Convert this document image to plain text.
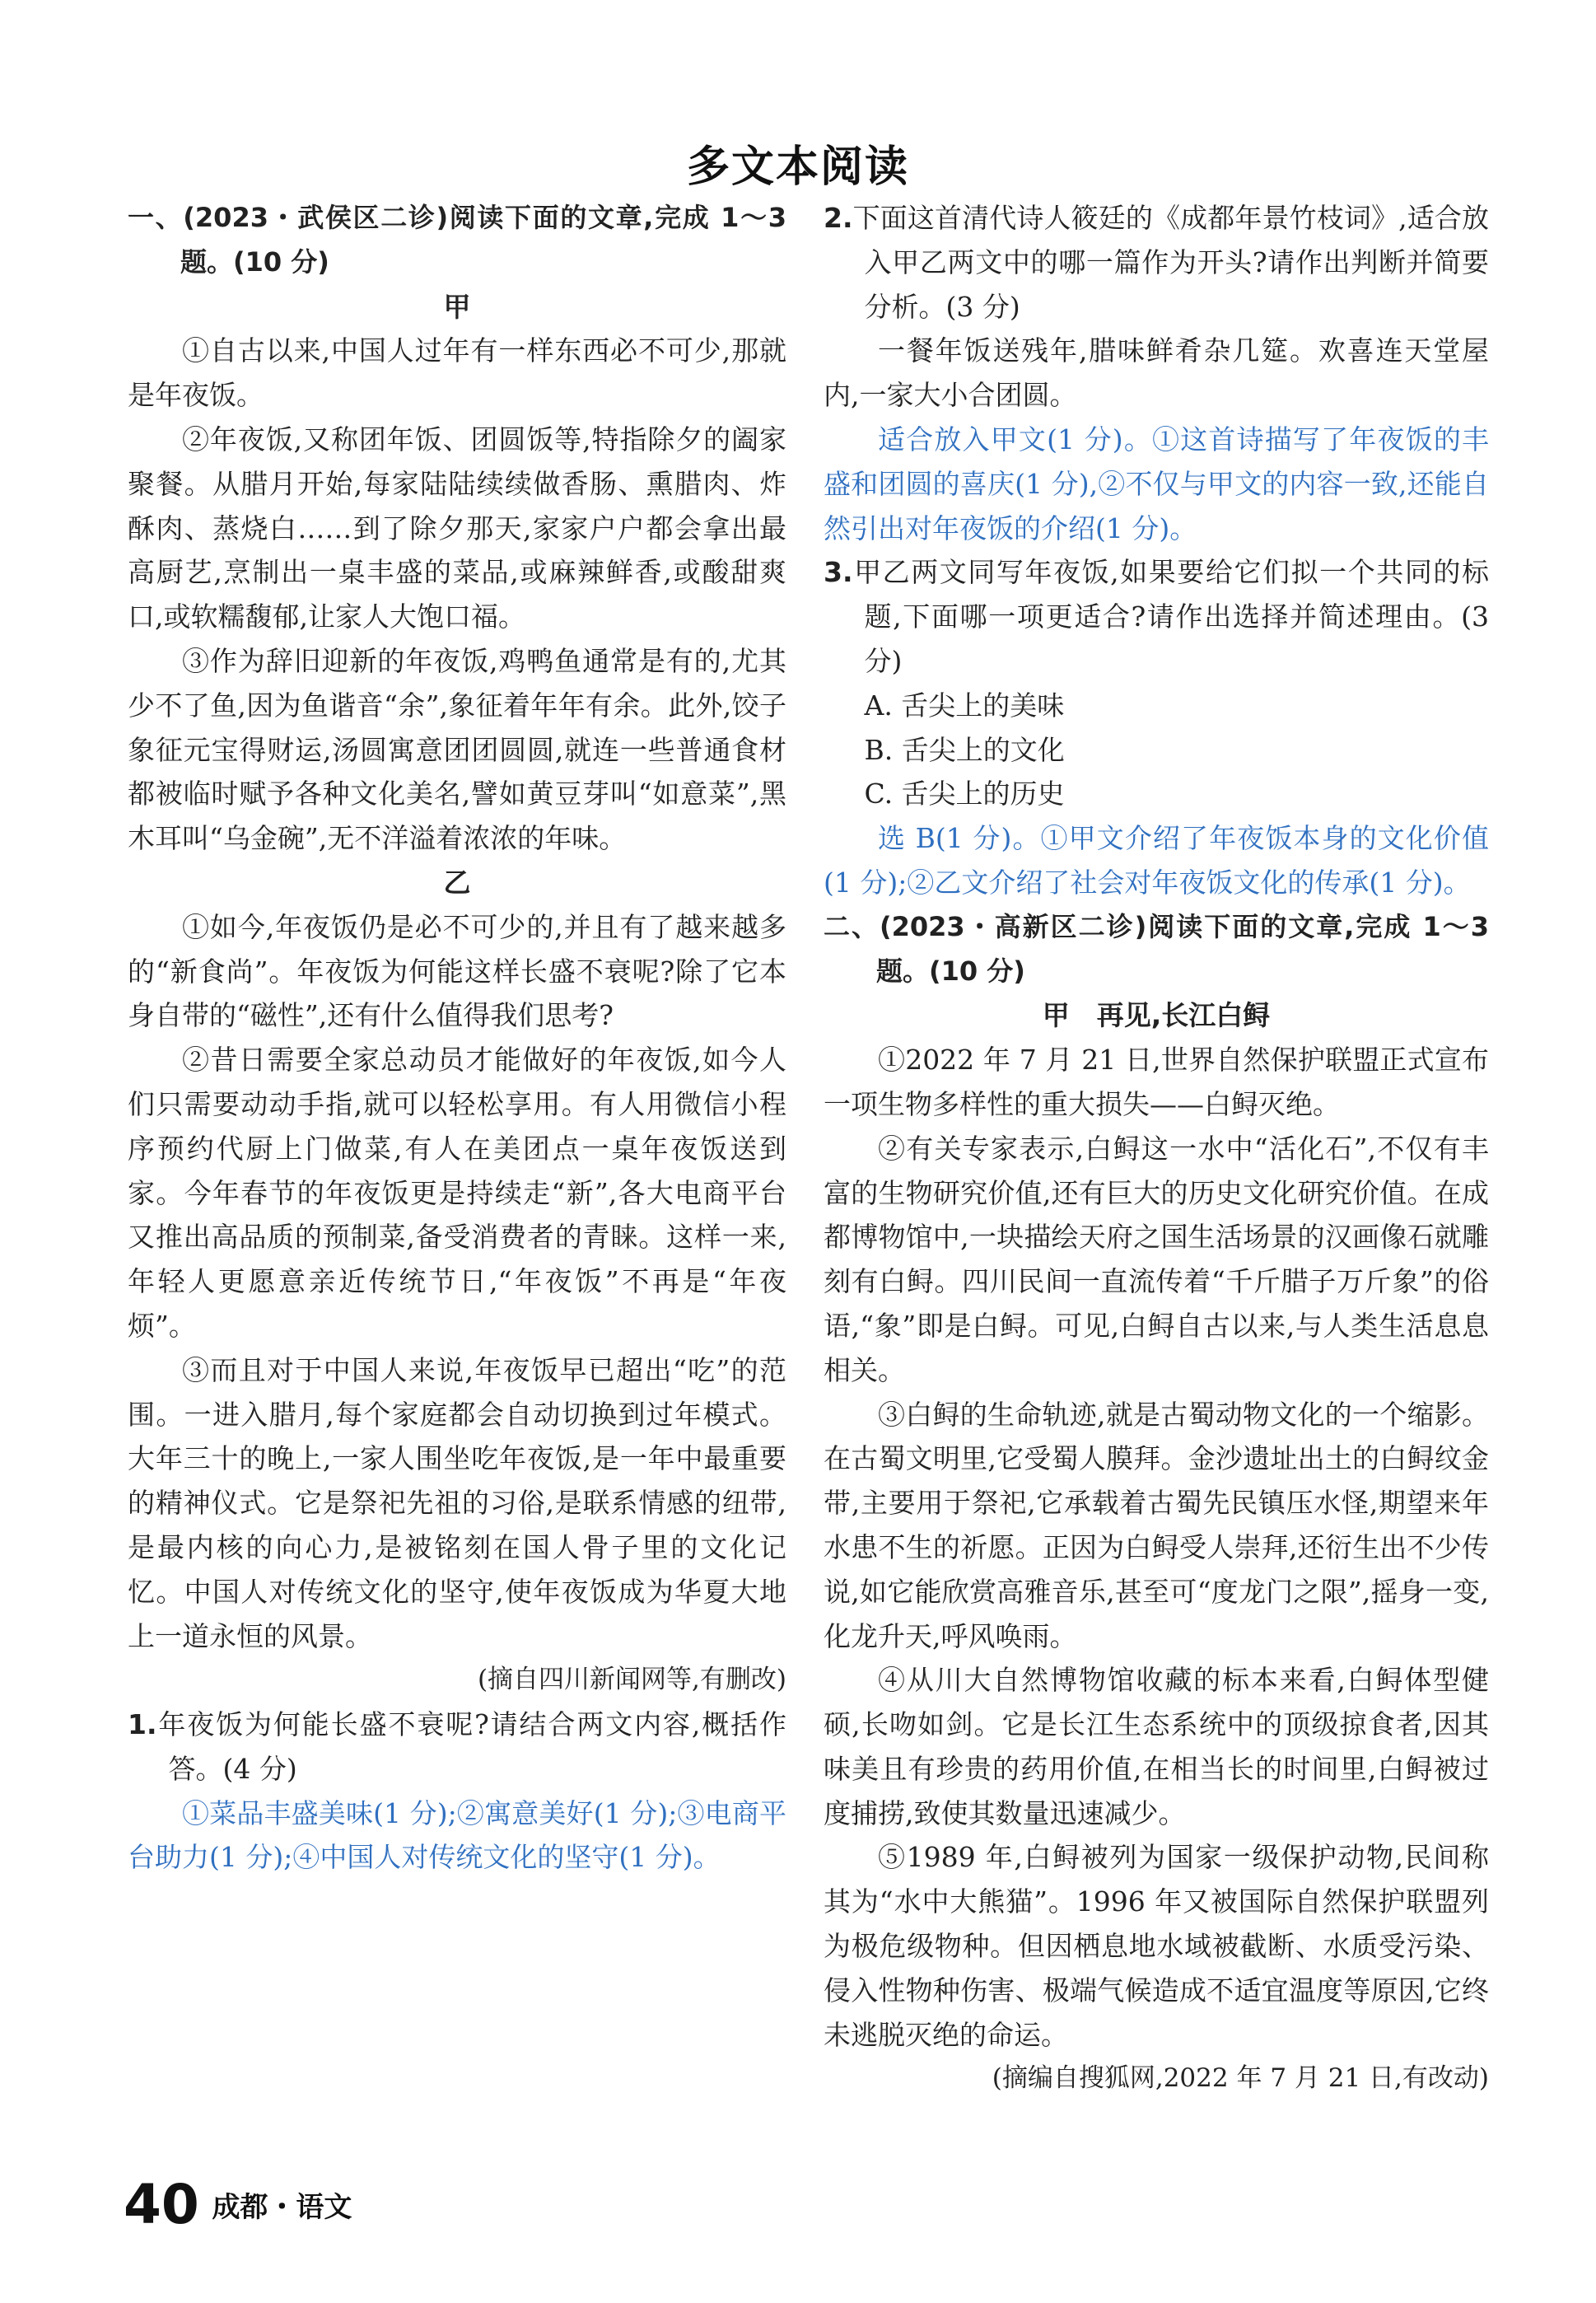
多文本阅读

一、(2023・武侯区二诊)阅读下面的文章,完成 1～3 题。(10 分)

甲

①自古以来,中国人过年有一样东西必不可少,那就是年夜饭。

②年夜饭,又称团年饭、团圆饭等,特指除夕的阖家聚餐。从腊月开始,每家陆陆续续做香肠、熏腊肉、炸酥肉、蒸烧白……到了除夕那天,家家户户都会拿出最高厨艺,烹制出一桌丰盛的菜品,或麻辣鲜香,或酸甜爽口,或软糯馥郁,让家人大饱口福。

③作为辞旧迎新的年夜饭,鸡鸭鱼通常是有的,尤其少不了鱼,因为鱼谐音“余”,象征着年年有余。此外,饺子象征元宝得财运,汤圆寓意团团圆圆,就连一些普通食材都被临时赋予各种文化美名,譬如黄豆芽叫“如意菜”,黑木耳叫“乌金碗”,无不洋溢着浓浓的年味。

乙

①如今,年夜饭仍是必不可少的,并且有了越来越多的“新食尚”。年夜饭为何能这样长盛不衰呢?除了它本身自带的“磁性”,还有什么值得我们思考?

②昔日需要全家总动员才能做好的年夜饭,如今人们只需要动动手指,就可以轻松享用。有人用微信小程序预约代厨上门做菜,有人在美团点一桌年夜饭送到家。今年春节的年夜饭更是持续走“新”,各大电商平台又推出高品质的预制菜,备受消费者的青睐。这样一来,年轻人更愿意亲近传统节日,“年夜饭”不再是“年夜烦”。

③而且对于中国人来说,年夜饭早已超出“吃”的范围。一进入腊月,每个家庭都会自动切换到过年模式。大年三十的晚上,一家人围坐吃年夜饭,是一年中最重要的精神仪式。它是祭祀先祖的习俗,是联系情感的纽带,是最内核的向心力,是被铭刻在国人骨子里的文化记忆。中国人对传统文化的坚守,使年夜饭成为华夏大地上一道永恒的风景。

(摘自四川新闻网等,有删改)

1.年夜饭为何能长盛不衰呢?请结合两文内容,概括作答。(4 分)

①菜品丰盛美味(1 分);②寓意美好(1 分);③电商平台助力(1 分);④中国人对传统文化的坚守(1 分)。

2.下面这首清代诗人筱廷的《成都年景竹枝词》,适合放入甲乙两文中的哪一篇作为开头?请作出判断并简要分析。(3 分)

一餐年饭送残年,腊味鲜肴杂几筵。欢喜连天堂屋内,一家大小合团圆。

适合放入甲文(1 分)。①这首诗描写了年夜饭的丰盛和团圆的喜庆(1 分),②不仅与甲文的内容一致,还能自然引出对年夜饭的介绍(1 分)。

3.甲乙两文同写年夜饭,如果要给它们拟一个共同的标题,下面哪一项更适合?请作出选择并简述理由。(3 分)

A. 舌尖上的美味

B. 舌尖上的文化

C. 舌尖上的历史

选 B(1 分)。①甲文介绍了年夜饭本身的文化价值(1 分);②乙文介绍了社会对年夜饭文化的传承(1 分)。

二、(2023・高新区二诊)阅读下面的文章,完成 1～3 题。(10 分)

甲　再见,长江白鲟

①2022 年 7 月 21 日,世界自然保护联盟正式宣布一项生物多样性的重大损失——白鲟灭绝。

②有关专家表示,白鲟这一水中“活化石”,不仅有丰富的生物研究价值,还有巨大的历史文化研究价值。在成都博物馆中,一块描绘天府之国生活场景的汉画像石就雕刻有白鲟。四川民间一直流传着“千斤腊子万斤象”的俗语,“象”即是白鲟。可见,白鲟自古以来,与人类生活息息相关。

③白鲟的生命轨迹,就是古蜀动物文化的一个缩影。在古蜀文明里,它受蜀人膜拜。金沙遗址出土的白鲟纹金带,主要用于祭祀,它承载着古蜀先民镇压水怪,期望来年水患不生的祈愿。正因为白鲟受人崇拜,还衍生出不少传说,如它能欣赏高雅音乐,甚至可“度龙门之限”,摇身一变,化龙升天,呼风唤雨。

④从川大自然博物馆收藏的标本来看,白鲟体型健硕,长吻如剑。它是长江生态系统中的顶级掠食者,因其味美且有珍贵的药用价值,在相当长的时间里,白鲟被过度捕捞,致使其数量迅速减少。

⑤1989 年,白鲟被列为国家一级保护动物,民间称其为“水中大熊猫”。1996 年又被国际自然保护联盟列为极危级物种。但因栖息地水域被截断、水质受污染、侵入性物种伤害、极端气候造成不适宜温度等原因,它终未逃脱灭绝的命运。

(摘编自搜狐网,2022 年 7 月 21 日,有改动)

40 成都・语文
